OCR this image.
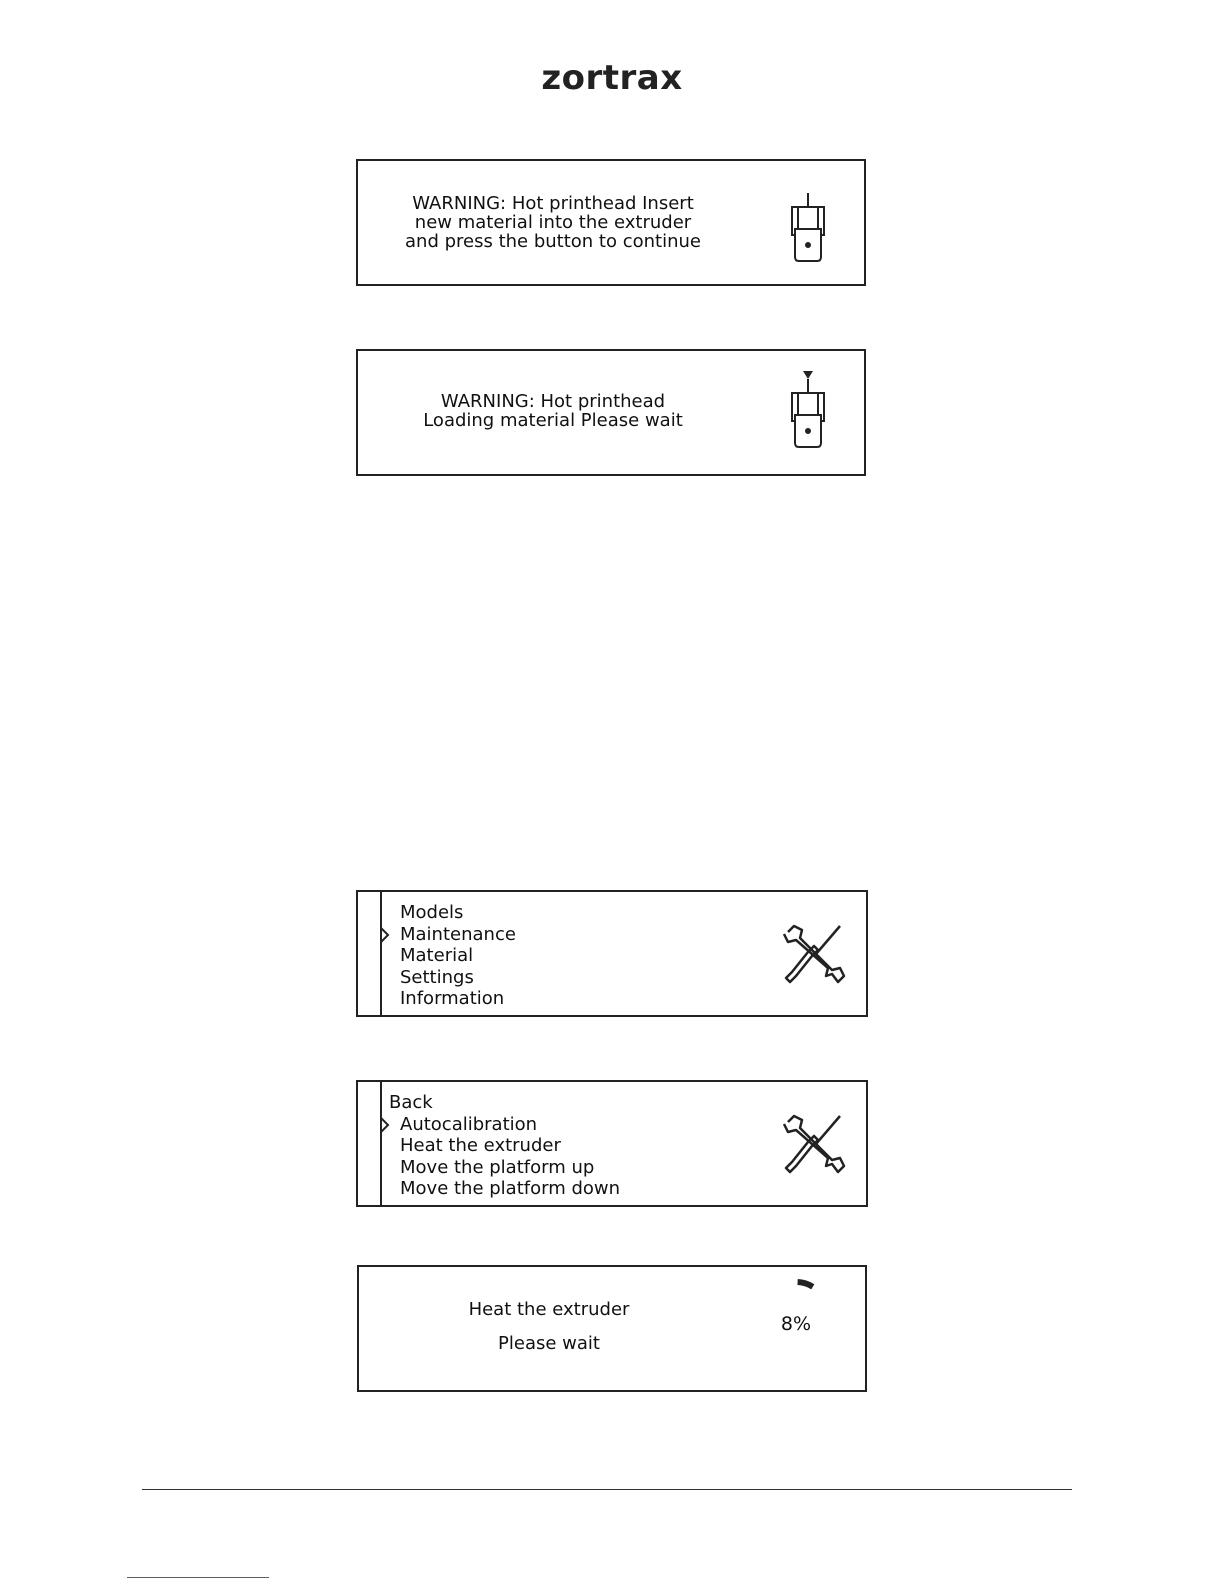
zortrax
WARNING: Hot printhead Insert
new material into the extruder
and press the button to continue
WARNING: Hot printhead
Loading material Please wait
Models
Maintenance
Material
Settings
Information
Back
Autocalibration
Heat the extruder
Move the platform up
Move the platform down
Heat the extruder
Please wait
8%
